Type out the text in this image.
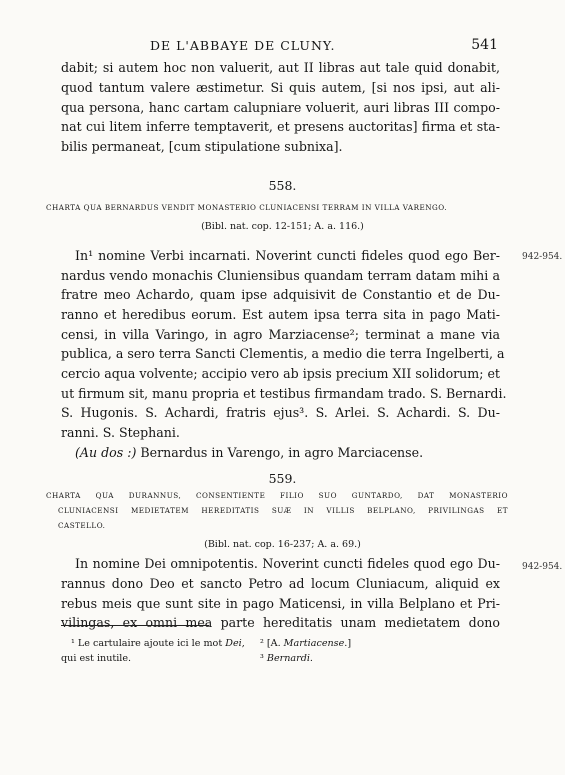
DE L'ABBAYE DE CLUNY.	541
dabit; si autem hoc non valuerit, aut II libras aut tale quid donabit,
quod tantum valere æstimetur. Si quis autem, [si nos ipsi, aut ali-
qua persona, hanc cartam calupniare voluerit, auri libras III compo-
nat cui litem inferre temptaverit, et presens auctoritas] firma et sta-
bilis permaneat, [cum stipulatione subnixa].
558.
CHARTA QUA BERNARDUS VENDIT MONASTERIO CLUNIACENSI TERRAM IN VILLA VARENGO.
(Bibl. nat. cop. 12-151; A. a. 116.)
942-954.
In¹ nomine Verbi incarnati. Noverint cuncti fideles quod ego Ber-
nardus vendo monachis Cluniensibus quandam terram datam mihi a
fratre meo Achardo, quam ipse adquisivit de Constantio et de Du-
ranno et heredibus eorum. Est autem ipsa terra sita in pago Mati-
censi, in villa Varingo, in agro Marziacense²; terminat a mane via
publica, a sero terra Sancti Clementis, a medio die terra Ingelberti, a
cercio aqua volvente; accipio vero ab ipsis precium XII solidorum; et
ut firmum sit, manu propria et testibus firmandam trado. S. Bernardi.
S. Hugonis. S. Achardi, fratris ejus³. S. Arlei. S. Achardi. S. Du-
ranni. S. Stephani.
(Au dos :) Bernardus in Varengo, in agro Marciacense.
559.
CHARTA QUA DURANNUS, CONSENTIENTE FILIO SUO GUNTARDO, DAT MONASTERIO
CLUNIACENSI MEDIETATEM HEREDITATIS SUÆ IN VILLIS BELPLANO, PRIVILINGAS ET
CASTELLO.
(Bibl. nat. cop. 16-237; A. a. 69.)
942-954.
In nomine Dei omnipotentis. Noverint cuncti fideles quod ego Du-
rannus dono Deo et sancto Petro ad locum Cluniacum, aliquid ex
rebus meis que sunt site in pago Maticensi, in villa Belplano et Pri-
vilingas, ex omni mea parte hereditatis unam medietatem dono
¹ Le cartulaire ajoute ici le mot Dei,
qui est inutile.
² [A. Martiacense.]
³ Bernardi.
